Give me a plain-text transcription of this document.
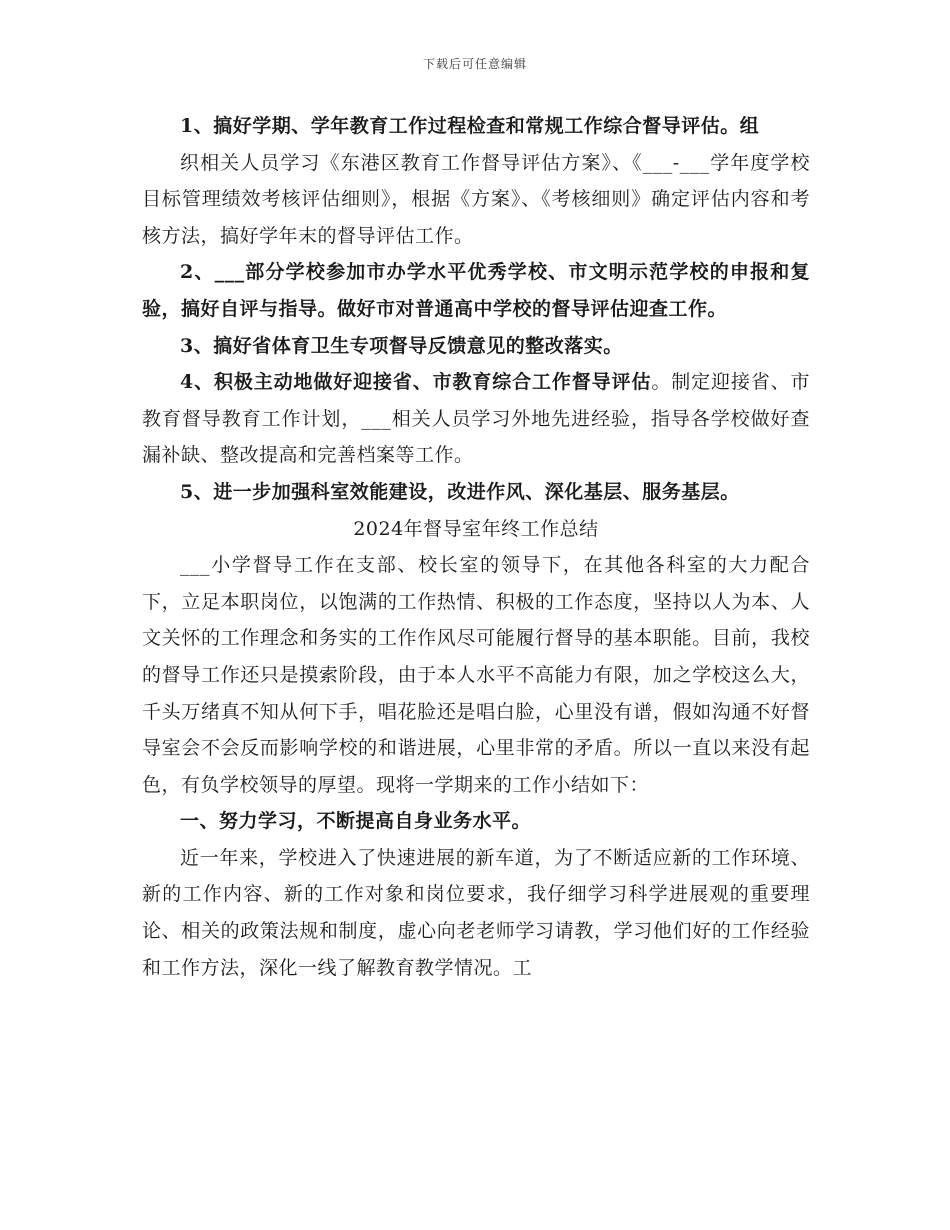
下载后可任意编辑

1、搞好学期、学年教育工作过程检查和常规工作综合督导评估。组

织相关人员学习《东港区教育工作督导评估方案》、《___-___学年度学校目标管理绩效考核评估细则》，根据《方案》、《考核细则》确定评估内容和考核方法，搞好学年末的督导评估工作。

2、___部分学校参加市办学水平优秀学校、市文明示范学校的申报和复验，搞好自评与指导。做好市对普通高中学校的督导评估迎查工作。

3、搞好省体育卫生专项督导反馈意见的整改落实。

4、积极主动地做好迎接省、市教育综合工作督导评估。制定迎接省、市教育督导教育工作计划，___相关人员学习外地先进经验，指导各学校做好查漏补缺、整改提高和完善档案等工作。

5、进一步加强科室效能建设，改进作风、深化基层、服务基层。

2024年督导室年终工作总结

___小学督导工作在支部、校长室的领导下，在其他各科室的大力配合下，立足本职岗位，以饱满的工作热情、积极的工作态度，坚持以人为本、人文关怀的工作理念和务实的工作作风尽可能履行督导的基本职能。目前，我校的督导工作还只是摸索阶段，由于本人水平不高能力有限，加之学校这么大，千头万绪真不知从何下手，唱花脸还是唱白脸，心里没有谱，假如沟通不好督导室会不会反而影响学校的和谐进展，心里非常的矛盾。所以一直以来没有起色，有负学校领导的厚望。现将一学期来的工作小结如下：

一、努力学习，不断提高自身业务水平。

近一年来，学校进入了快速进展的新车道，为了不断适应新的工作环境、新的工作内容、新的工作对象和岗位要求，我仔细学习科学进展观的重要理论、相关的政策法规和制度，虚心向老老师学习请教，学习他们好的工作经验和工作方法，深化一线了解教育教学情况。工
